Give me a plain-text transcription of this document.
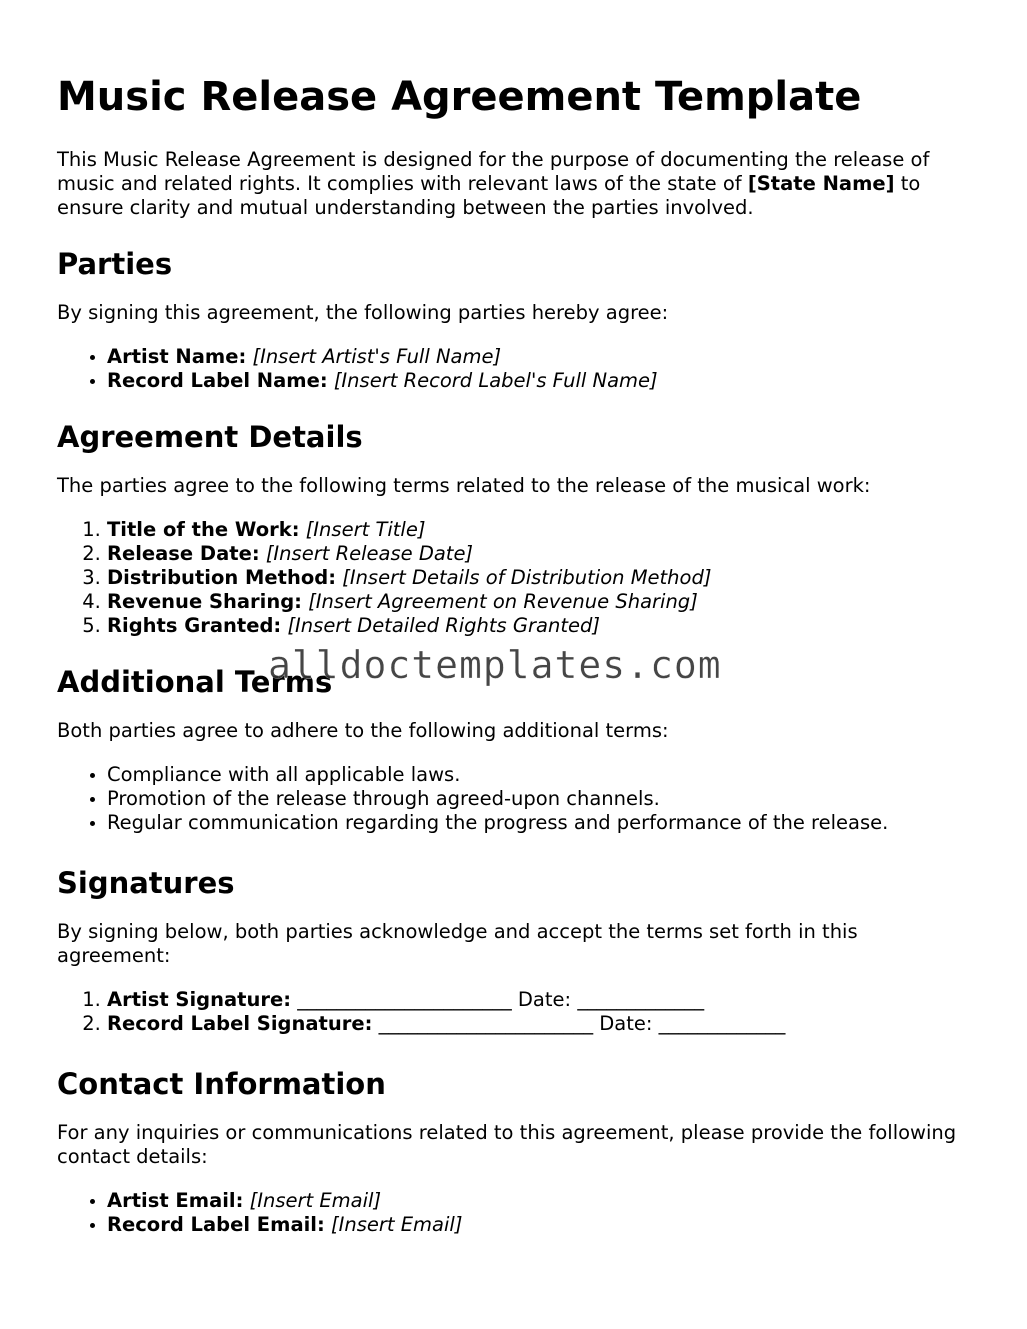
Music Release Agreement Template

This Music Release Agreement is designed for the purpose of documenting the release of music and related rights. It complies with relevant laws of the state of [State Name] to ensure clarity and mutual understanding between the parties involved.

Parties

By signing this agreement, the following parties hereby agree:

• Artist Name: [Insert Artist's Full Name]
• Record Label Name: [Insert Record Label's Full Name]
Agreement Details

The parties agree to the following terms related to the release of the musical work:

1. Title of the Work: [Insert Title]
2. Release Date: [Insert Release Date]
3. Distribution Method: [Insert Details of Distribution Method]
4. Revenue Sharing: [Insert Agreement on Revenue Sharing]
5. Rights Granted: [Insert Detailed Rights Granted]
Additional Terms

Both parties agree to adhere to the following additional terms:

• Compliance with all applicable laws.
• Promotion of the release through agreed-upon channels.
• Regular communication regarding the progress and performance of the release.
Signatures

By signing below, both parties acknowledge and accept the terms set forth in this agreement:

1. Artist Signature: ______________________ Date: _____________
2. Record Label Signature: ______________________ Date: _____________
Contact Information

For any inquiries or communications related to this agreement, please provide the following contact details:

• Artist Email: [Insert Email]
• Record Label Email: [Insert Email]
alldoctemplates.com
